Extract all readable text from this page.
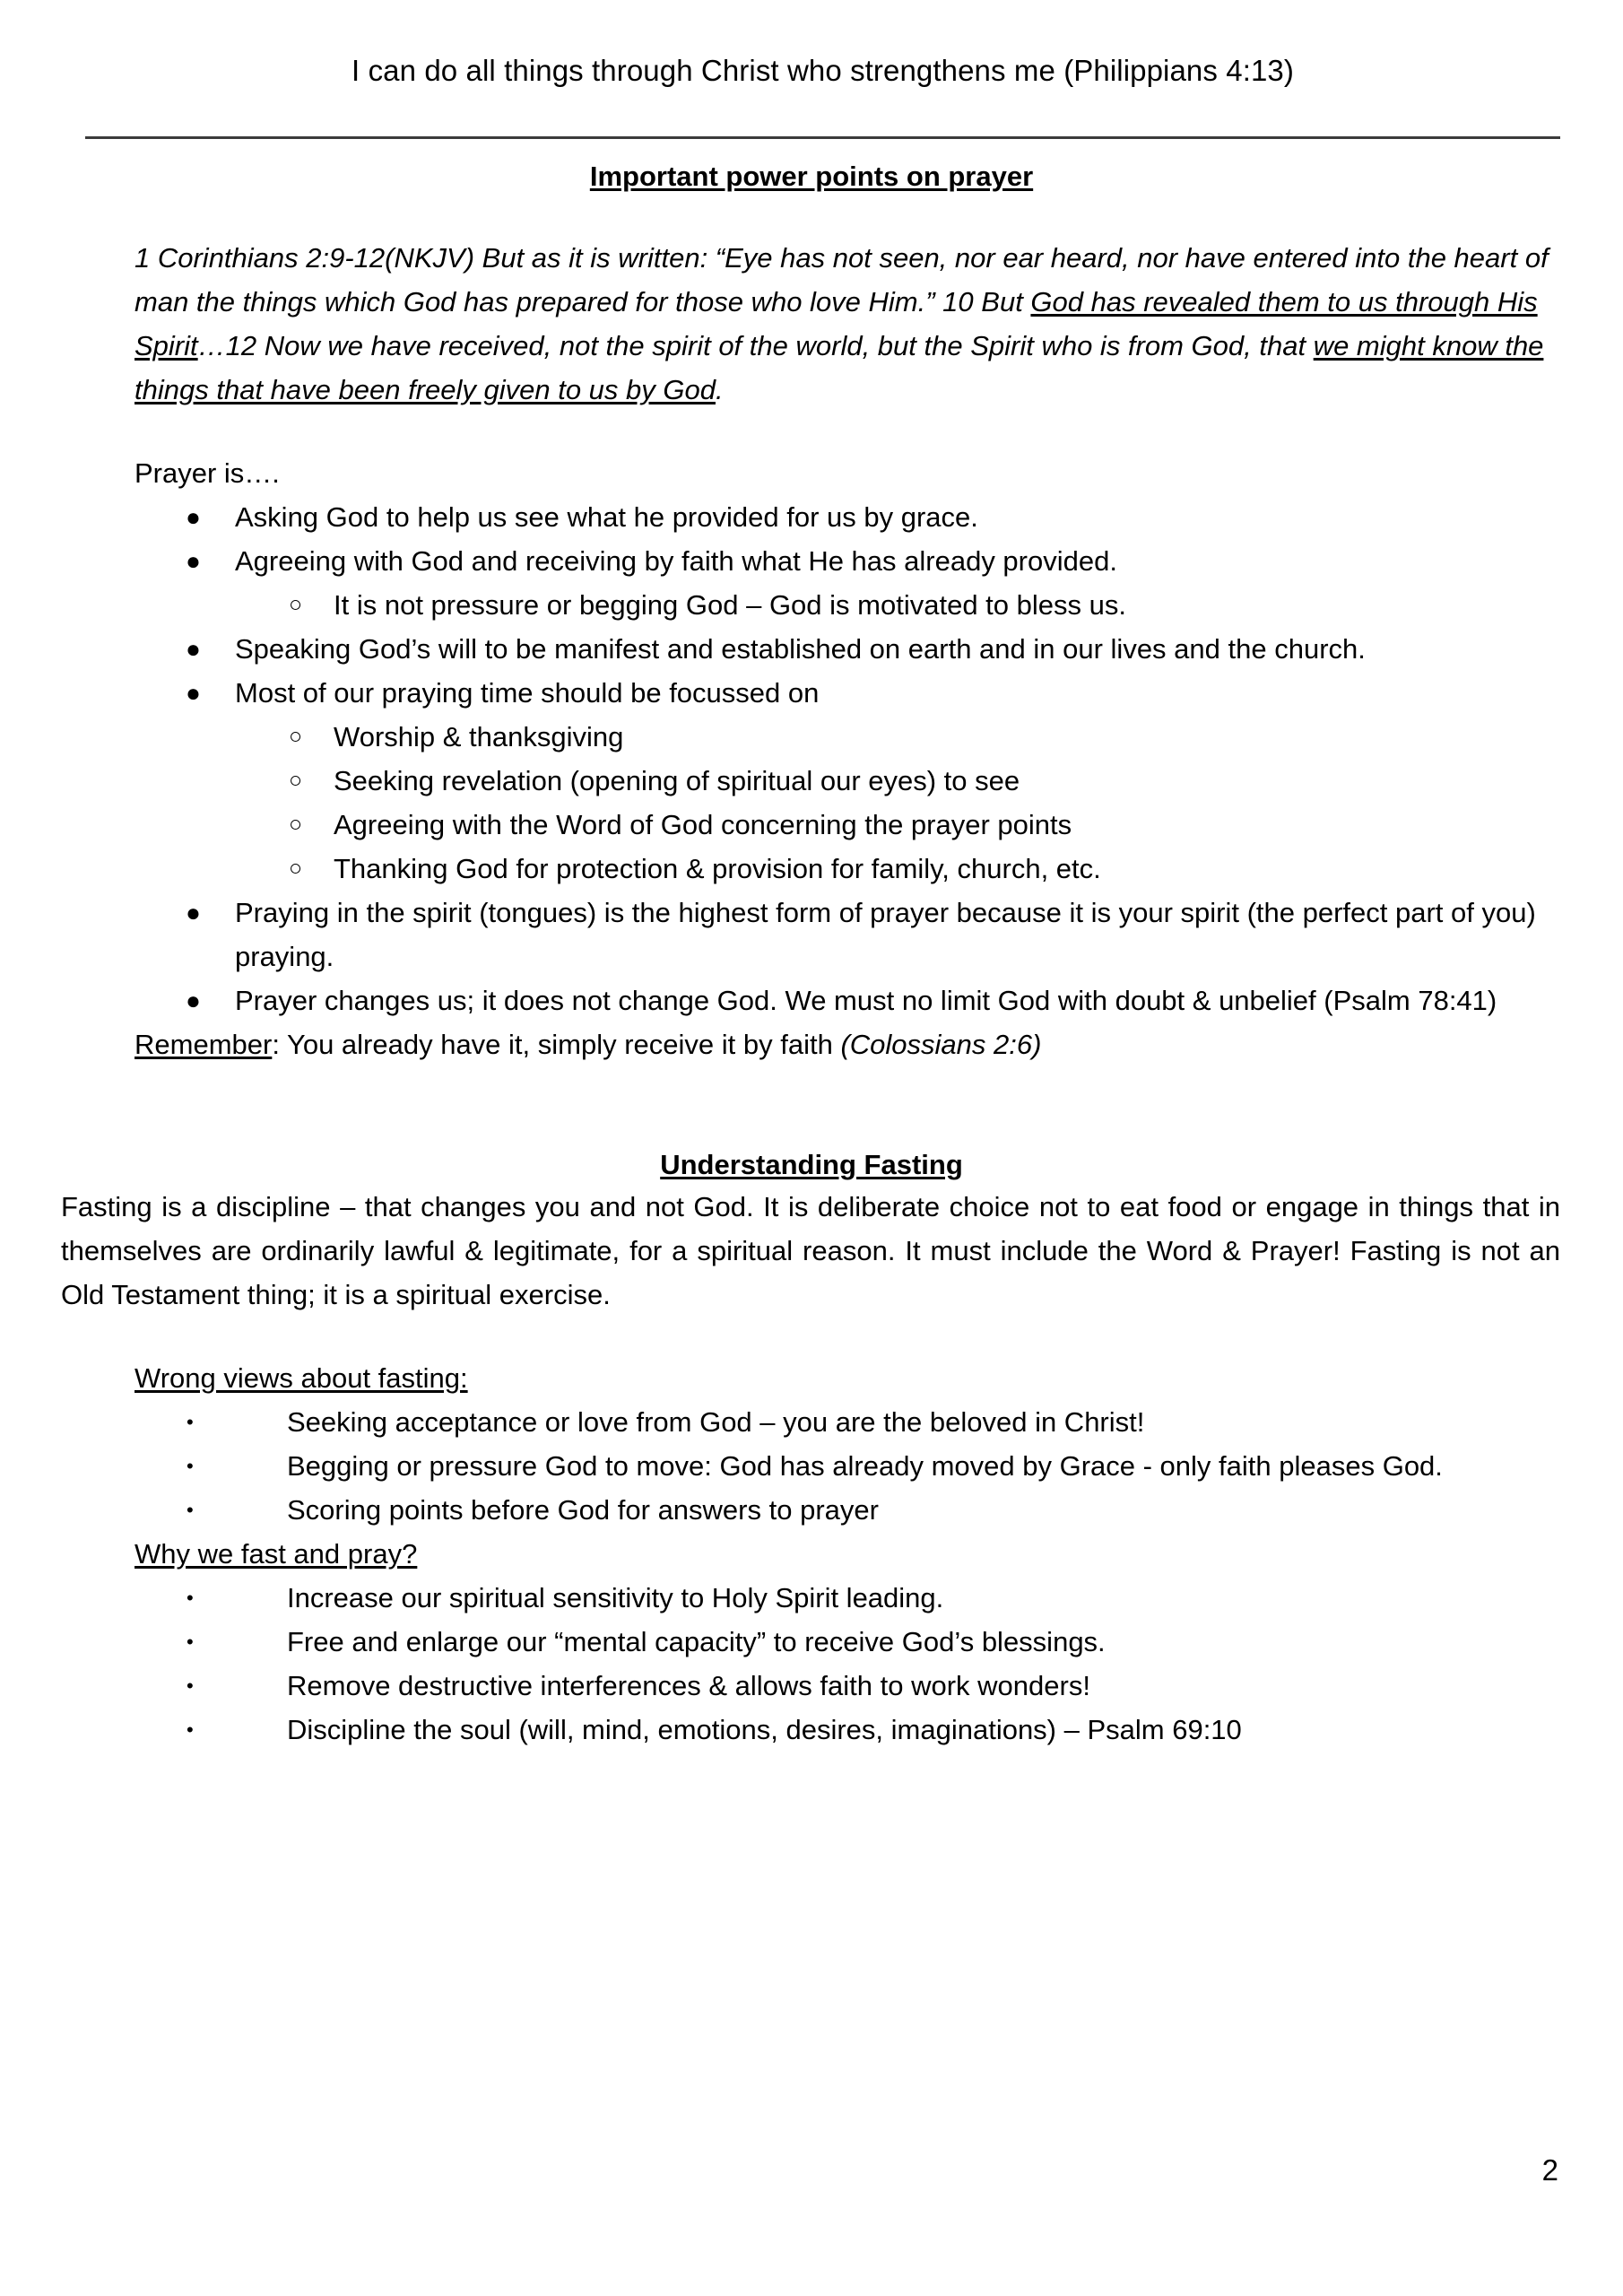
I can do all things through Christ who strengthens me (Philippians 4:13)

Important power points on prayer

1 Corinthians 2:9-12(NKJV) But as it is written: “Eye has not seen, nor ear heard, nor have entered into the heart of man the things which God has prepared for those who love Him.” 10 But God has revealed them to us through His Spirit…12 Now we have received, not the spirit of the world, but the Spirit who is from God, that we might know the things that have been freely given to us by God.

Prayer is….

● Asking God to help us see what he provided for us by grace.

● Agreeing with God and receiving by faith what He has already provided.

○ It is not pressure or begging God – God is motivated to bless us.

● Speaking God’s will to be manifest and established on earth and in our lives and the church.

● Most of our praying time should be focussed on

○ Worship & thanksgiving

○ Seeking revelation (opening of spiritual our eyes) to see

○ Agreeing with the Word of God concerning the prayer points

○ Thanking God for protection & provision for family, church, etc.

● Praying in the spirit (tongues) is the highest form of prayer because it is your spirit (the perfect part of you) praying.

● Prayer changes us; it does not change God. We must no limit God with doubt & unbelief (Psalm 78:41)

Remember: You already have it, simply receive it by faith (Colossians 2:6)

Understanding Fasting

Fasting is a discipline – that changes you and not God. It is deliberate choice not to eat food or engage in things that in themselves are ordinarily lawful & legitimate, for a spiritual reason. It must include the Word & Prayer! Fasting is not an Old Testament thing; it is a spiritual exercise.

Wrong views about fasting:

•	Seeking acceptance or love from God – you are the beloved in Christ!

•	Begging or pressure God to move: God has already moved by Grace - only faith pleases God.

•	Scoring points before God for answers to prayer

Why we fast and pray?

•	Increase our spiritual sensitivity to Holy Spirit leading.

•	Free and enlarge our “mental capacity” to receive God’s blessings.

•	Remove destructive interferences & allows faith to work wonders!

•	Discipline the soul (will, mind, emotions, desires, imaginations) – Psalm 69:10

2
